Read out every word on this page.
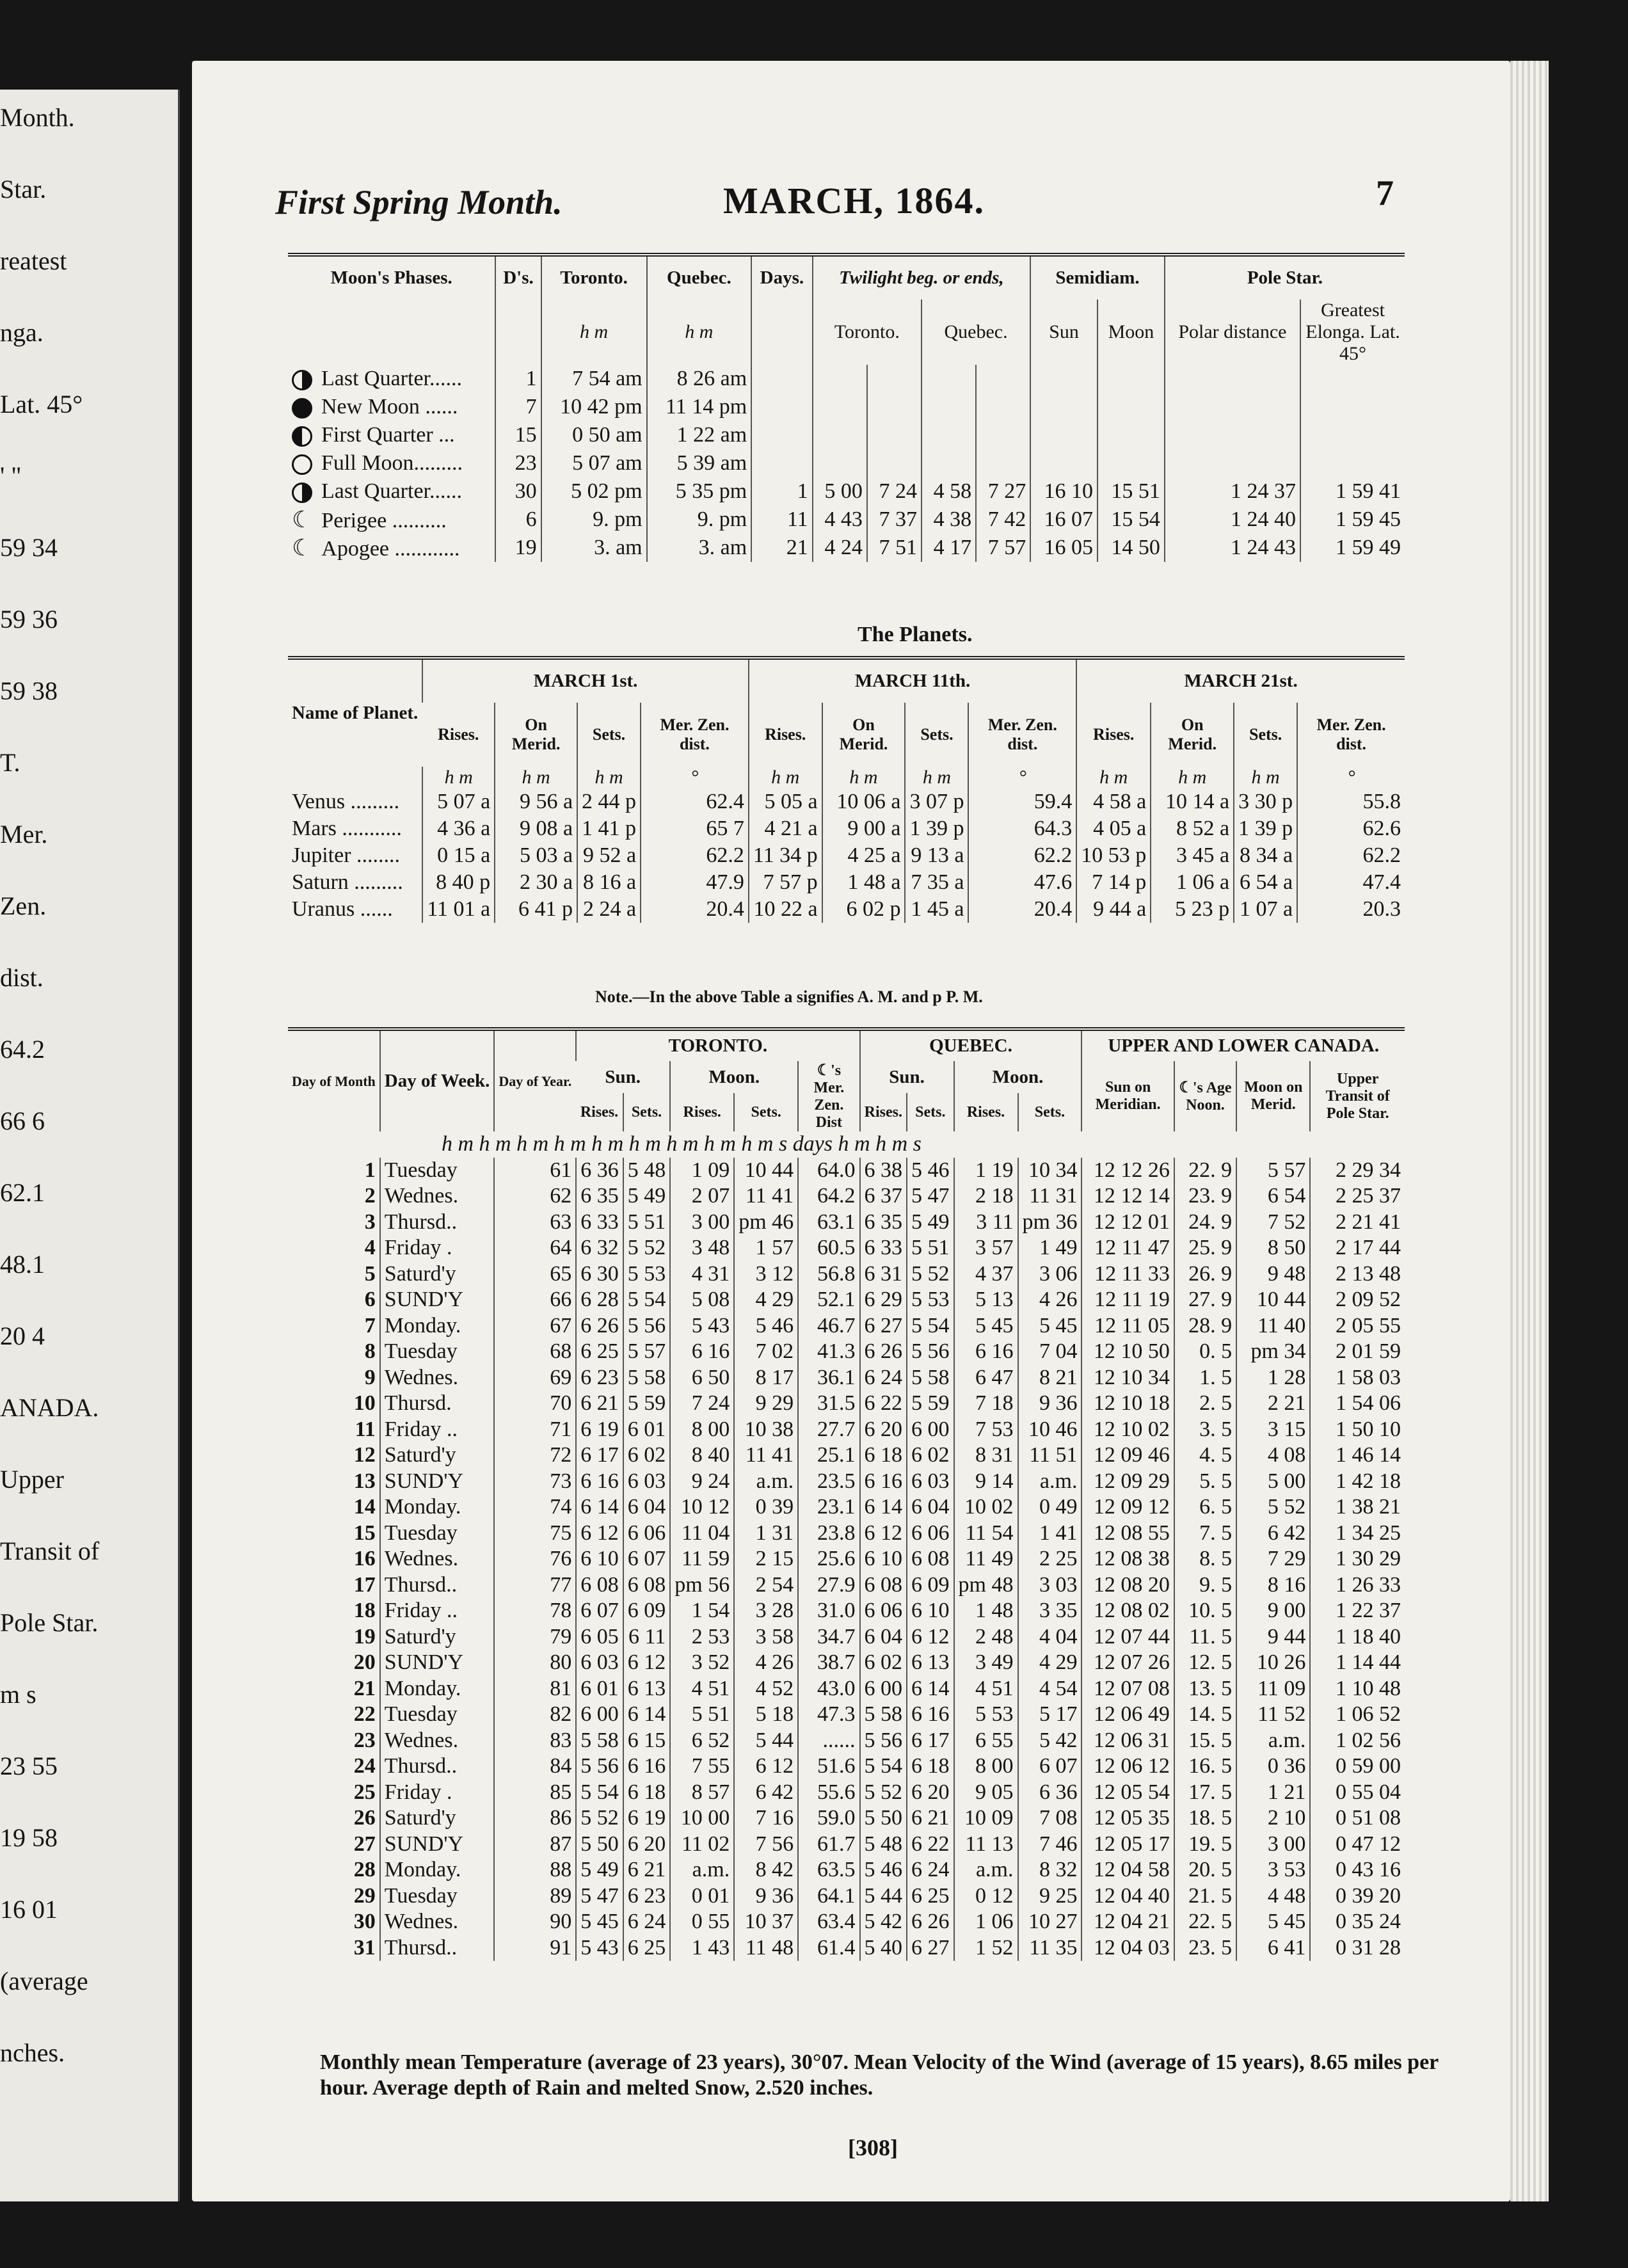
Month.
Star.
reatest
nga.
Lat. 45°
' "
59 34
59 36
59 38
T.
Mer.
Zen.
dist.
64.2
66 6
62.1
48.1
20 4
ANADA.
Upper
Transit of
Pole Star.
m s
23 55
19 58
16 01
(average
nches.
First Spring Month.	MARCH, 1864.	7
Moon's Phases.	D's.	Toronto.	Quebec.	Days.	Twilight beg. or ends,				Semidiam.		Pole Star.	
		h m	h m		Toronto.		Quebec.		Sun	Moon	Polar distance	Greatest Elonga. Lat. 45°
Last Quarter......	1	7 54 am	8 26 am									
New Moon ......	7	10 42 pm	11 14 pm									
First Quarter ...	15	0 50 am	1 22 am									
Full Moon.........	23	5 07 am	5 39 am									
Last Quarter......	30	5 02 pm	5 35 pm	1	5 00	7 24	4 58	7 27	16 10	15 51	1 24 37	1 59 41
☾ Perigee ..........	6	9. pm	9. pm	11	4 43	7 37	4 38	7 42	16 07	15 54	1 24 40	1 59 45
☾ Apogee ............	19	3. am	3. am	21	4 24	7 51	4 17	7 57	16 05	14 50	1 24 43	1 59 49
The Planets.
Name of Planet.	MARCH 1st.				MARCH 11th.				MARCH 21st.			
	Rises.	On Merid.	Sets.	Mer. Zen. dist.	Rises.	On Merid.	Sets.	Mer. Zen. dist.	Rises.	On Merid.	Sets.	Mer. Zen. dist.
	h m	h m	h m	°	h m	h m	h m	°	h m	h m	h m	°
Venus .........	5 07 a	9 56 a	2 44 p	62.4	5 05 a	10 06 a	3 07 p	59.4	4 58 a	10 14 a	3 30 p	55.8
Mars ...........	4 36 a	9 08 a	1 41 p	65 7	4 21 a	9 00 a	1 39 p	64.3	4 05 a	8 52 a	1 39 p	62.6
Jupiter ........	0 15 a	5 03 a	9 52 a	62.2	11 34 p	4 25 a	9 13 a	62.2	10 53 p	3 45 a	8 34 a	62.2
Saturn .........	8 40 p	2 30 a	8 16 a	47.9	7 57 p	1 48 a	7 35 a	47.6	7 14 p	1 06 a	6 54 a	47.4
Uranus ......	11 01 a	6 41 p	2 24 a	20.4	10 22 a	6 02 p	1 45 a	20.4	9 44 a	5 23 p	1 07 a	20.3
Note.—In the above Table a signifies A. M. and p P. M.
Day of Month	Day of Week.	Day of Year.	TORONTO.					QUEBEC.				UPPER AND LOWER CANADA.			
			Sun.		Moon.		☾'s Mer. Zen. Dist	Sun.		Moon.		Sun on Meridian.	☾'s Age Noon.	Moon on Merid.	Upper Transit of Pole Star.
			Rises.	Sets.	Rises.	Sets.		Rises.	Sets.	Rises.	Sets.				
h m h m h m h m h m h m h m h m h m s days h m h m s															
1	Tuesday	61	6 36	5 48	1 09	10 44	64.0	6 38	5 46	1 19	10 34	12 12 26	22. 9	5 57	2 29 34
2	Wednes.	62	6 35	5 49	2 07	11 41	64.2	6 37	5 47	2 18	11 31	12 12 14	23. 9	6 54	2 25 37
3	Thursd..	63	6 33	5 51	3 00	pm 46	63.1	6 35	5 49	3 11	pm 36	12 12 01	24. 9	7 52	2 21 41
4	Friday .	64	6 32	5 52	3 48	1 57	60.5	6 33	5 51	3 57	1 49	12 11 47	25. 9	8 50	2 17 44
5	Saturd'y	65	6 30	5 53	4 31	3 12	56.8	6 31	5 52	4 37	3 06	12 11 33	26. 9	9 48	2 13 48
6	SUND'Y	66	6 28	5 54	5 08	4 29	52.1	6 29	5 53	5 13	4 26	12 11 19	27. 9	10 44	2 09 52
7	Monday.	67	6 26	5 56	5 43	5 46	46.7	6 27	5 54	5 45	5 45	12 11 05	28. 9	11 40	2 05 55
8	Tuesday	68	6 25	5 57	6 16	7 02	41.3	6 26	5 56	6 16	7 04	12 10 50	0. 5	pm 34	2 01 59
9	Wednes.	69	6 23	5 58	6 50	8 17	36.1	6 24	5 58	6 47	8 21	12 10 34	1. 5	1 28	1 58 03
10	Thursd.	70	6 21	5 59	7 24	9 29	31.5	6 22	5 59	7 18	9 36	12 10 18	2. 5	2 21	1 54 06
11	Friday ..	71	6 19	6 01	8 00	10 38	27.7	6 20	6 00	7 53	10 46	12 10 02	3. 5	3 15	1 50 10
12	Saturd'y	72	6 17	6 02	8 40	11 41	25.1	6 18	6 02	8 31	11 51	12 09 46	4. 5	4 08	1 46 14
13	SUND'Y	73	6 16	6 03	9 24	a.m.	23.5	6 16	6 03	9 14	a.m.	12 09 29	5. 5	5 00	1 42 18
14	Monday.	74	6 14	6 04	10 12	0 39	23.1	6 14	6 04	10 02	0 49	12 09 12	6. 5	5 52	1 38 21
15	Tuesday	75	6 12	6 06	11 04	1 31	23.8	6 12	6 06	11 54	1 41	12 08 55	7. 5	6 42	1 34 25
16	Wednes.	76	6 10	6 07	11 59	2 15	25.6	6 10	6 08	11 49	2 25	12 08 38	8. 5	7 29	1 30 29
17	Thursd..	77	6 08	6 08	pm 56	2 54	27.9	6 08	6 09	pm 48	3 03	12 08 20	9. 5	8 16	1 26 33
18	Friday ..	78	6 07	6 09	1 54	3 28	31.0	6 06	6 10	1 48	3 35	12 08 02	10. 5	9 00	1 22 37
19	Saturd'y	79	6 05	6 11	2 53	3 58	34.7	6 04	6 12	2 48	4 04	12 07 44	11. 5	9 44	1 18 40
20	SUND'Y	80	6 03	6 12	3 52	4 26	38.7	6 02	6 13	3 49	4 29	12 07 26	12. 5	10 26	1 14 44
21	Monday.	81	6 01	6 13	4 51	4 52	43.0	6 00	6 14	4 51	4 54	12 07 08	13. 5	11 09	1 10 48
22	Tuesday	82	6 00	6 14	5 51	5 18	47.3	5 58	6 16	5 53	5 17	12 06 49	14. 5	11 52	1 06 52
23	Wednes.	83	5 58	6 15	6 52	5 44	......	5 56	6 17	6 55	5 42	12 06 31	15. 5	a.m.	1 02 56
24	Thursd..	84	5 56	6 16	7 55	6 12	51.6	5 54	6 18	8 00	6 07	12 06 12	16. 5	0 36	0 59 00
25	Friday .	85	5 54	6 18	8 57	6 42	55.6	5 52	6 20	9 05	6 36	12 05 54	17. 5	1 21	0 55 04
26	Saturd'y	86	5 52	6 19	10 00	7 16	59.0	5 50	6 21	10 09	7 08	12 05 35	18. 5	2 10	0 51 08
27	SUND'Y	87	5 50	6 20	11 02	7 56	61.7	5 48	6 22	11 13	7 46	12 05 17	19. 5	3 00	0 47 12
28	Monday.	88	5 49	6 21	a.m.	8 42	63.5	5 46	6 24	a.m.	8 32	12 04 58	20. 5	3 53	0 43 16
29	Tuesday	89	5 47	6 23	0 01	9 36	64.1	5 44	6 25	0 12	9 25	12 04 40	21. 5	4 48	0 39 20
30	Wednes.	90	5 45	6 24	0 55	10 37	63.4	5 42	6 26	1 06	10 27	12 04 21	22. 5	5 45	0 35 24
31	Thursd..	91	5 43	6 25	1 43	11 48	61.4	5 40	6 27	1 52	11 35	12 04 03	23. 5	6 41	0 31 28
Monthly mean Temperature (average of 23 years), 30°07. Mean Velocity of the Wind (average of 15 years), 8.65 miles per hour. Average depth of Rain and melted Snow, 2.520 inches.
[308]
